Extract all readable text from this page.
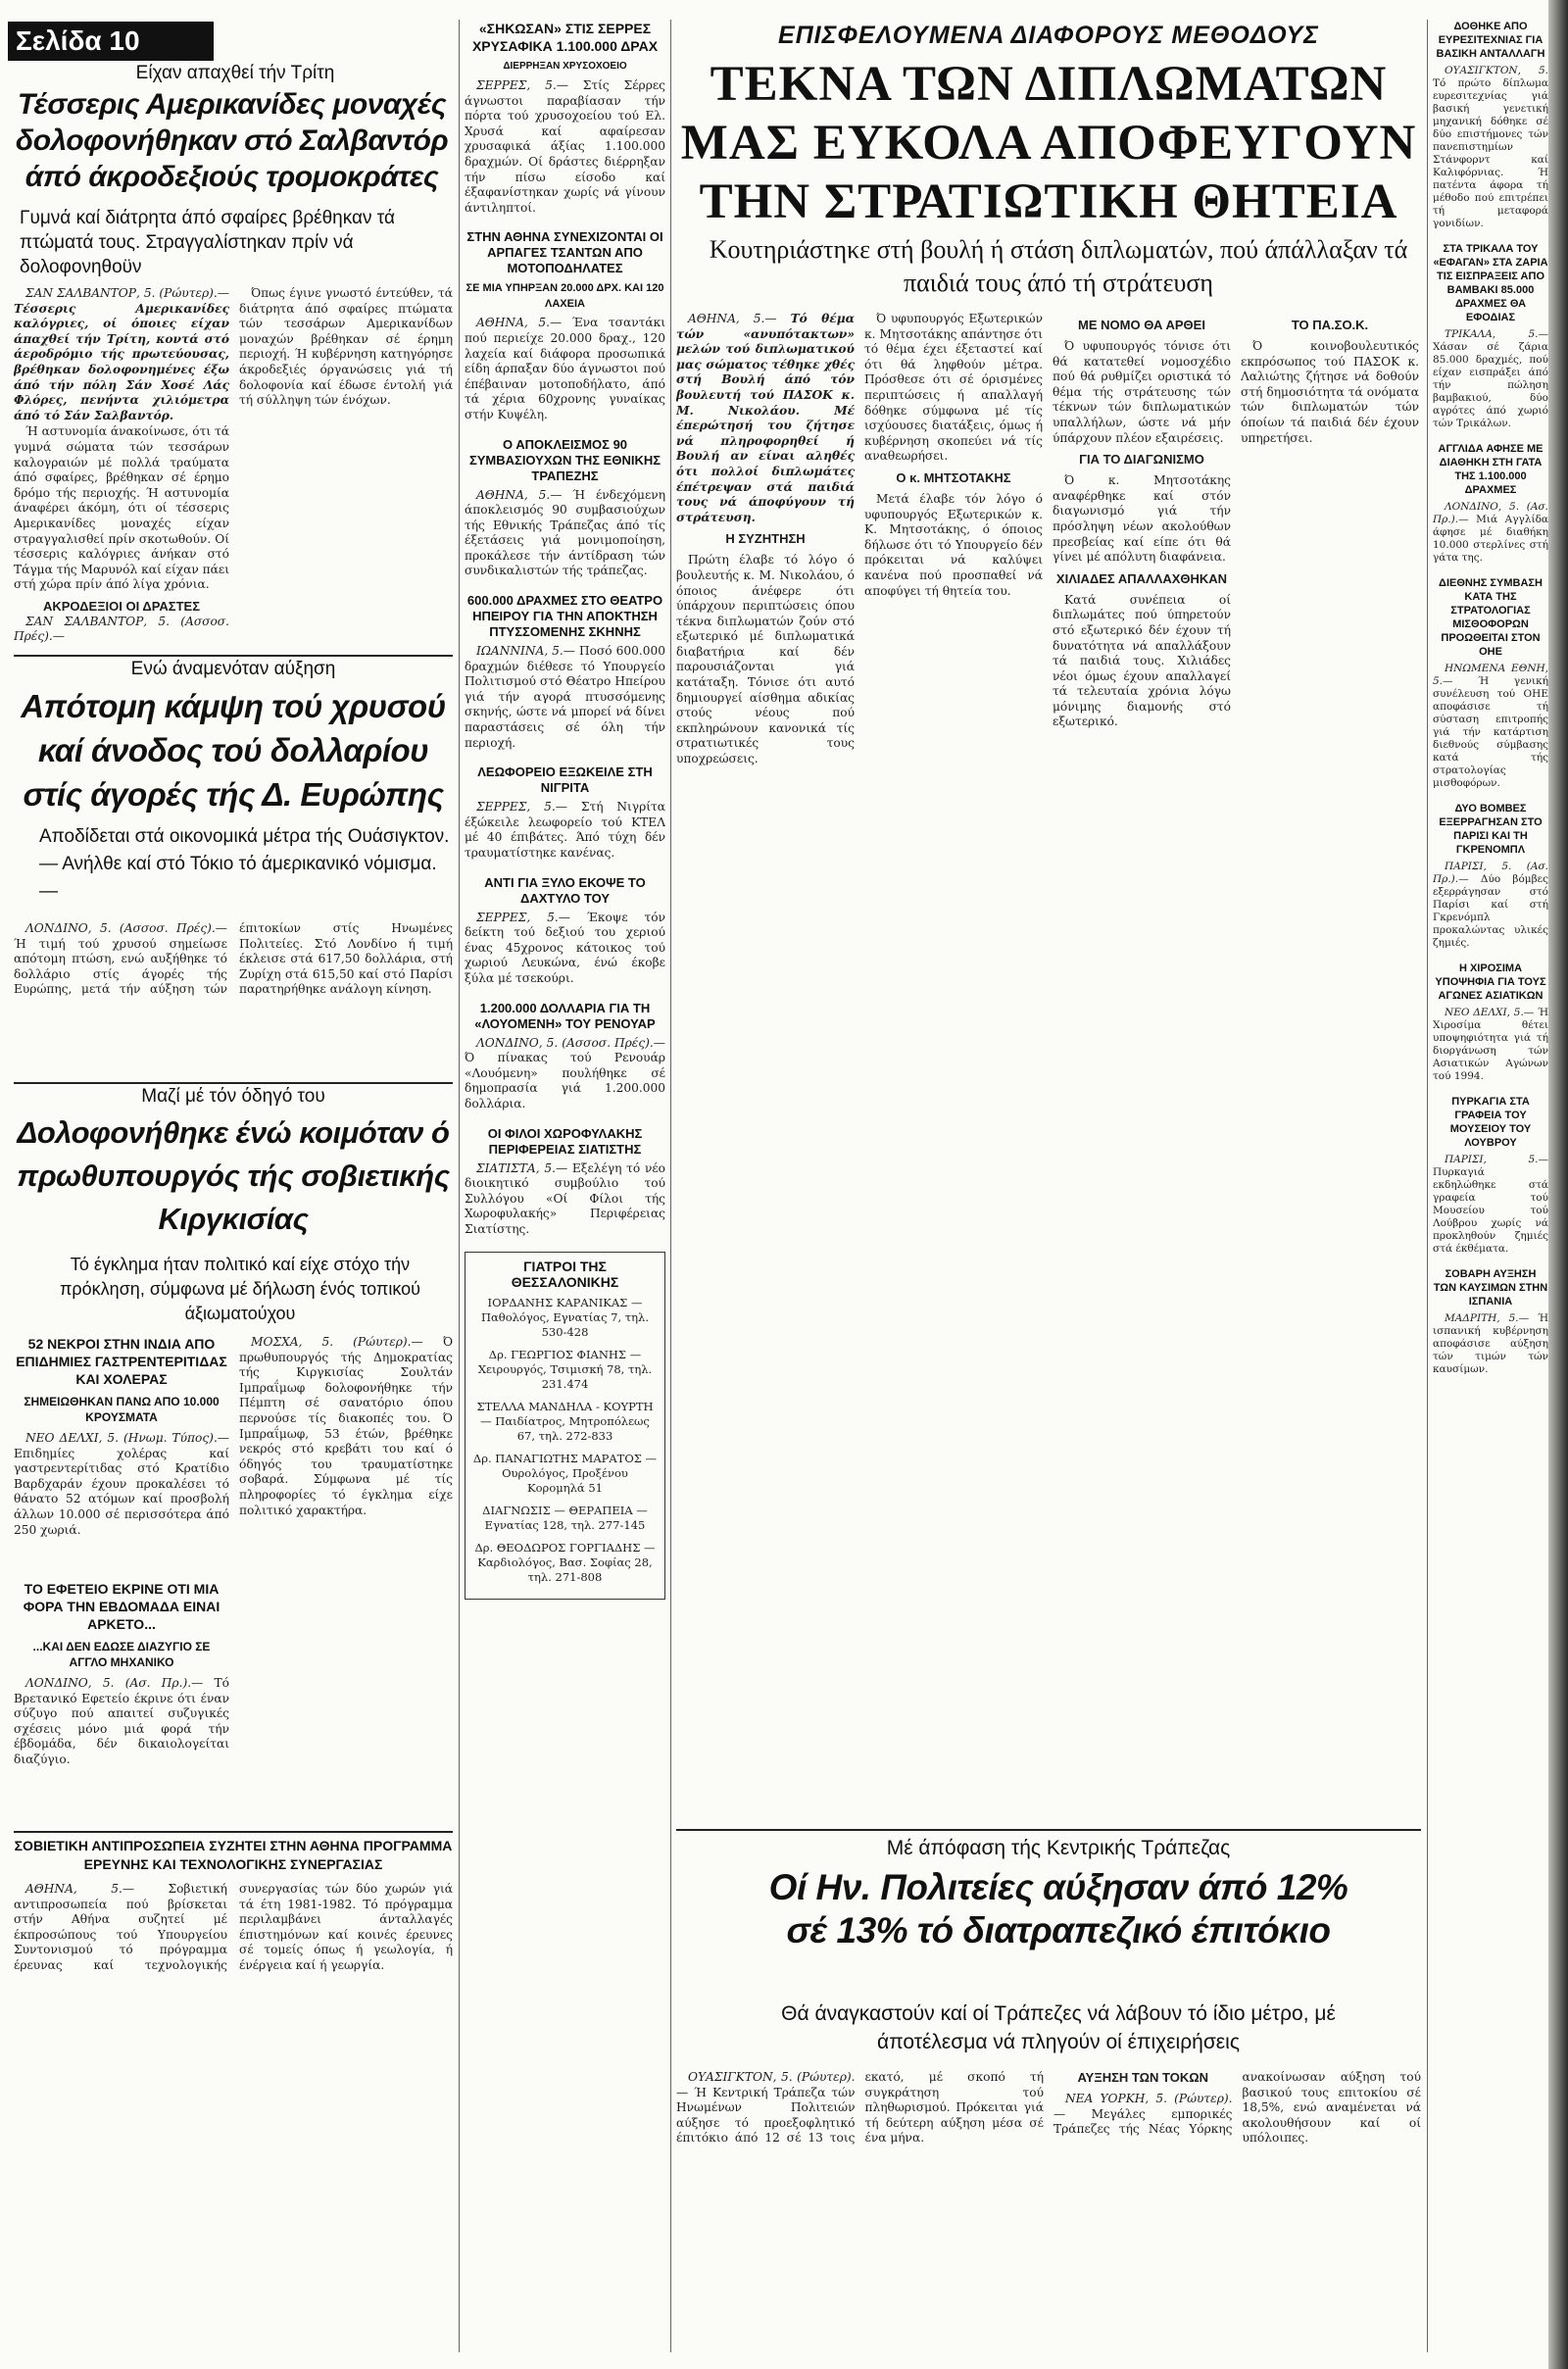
Σελίδα 10
Είχαν απαχθεί τήν Τρίτη
Τέσσερις Αμερικανίδες μοναχές δολοφονήθηκαν στό Σαλβαντόρ άπό άκροδεξιούς τρομοκράτες
Γυμνά καί διάτρητα άπό σφαίρες βρέθηκαν τά πτώματά τους. Στραγγαλίστηκαν πρίν νά δολοφονηθοϋν

ΣΑΝ ΣΑΛΒΑΝΤΟΡ, 5. (Ρώυτερ).— Τέσσερις Αμερικανίδες καλόγριες, οί όποιες είχαν άπαχθεί τήν Τρίτη, κοντά στό άεροδρόμιο τής πρωτεύουσας, βρέθηκαν δολοφονημένες έξω άπό τήν πόλη Σάν Χοσέ Λάς Φλόρες, πενήντα χιλιόμετρα άπό τό Σάν Σαλβαντόρ.

Ή αστυνομία άνακοίνωσε, ότι τά γυμνά σώματα τών τεσσάρων καλογραιών μέ πολλά τραύματα άπό σφαίρες, βρέθηκαν σέ έρημο δρόμο τής περιοχής. Ή αστυνομία άναφέρει άκόμη, ότι οί τέσσερις Αμερικανίδες μοναχές είχαν στραγγαλισθεί πρίν σκοτωθούν. Οί τέσσερις καλόγριες άνήκαν στό Τάγμα τής Μαρυνόλ καί είχαν πάει στή χώρα πρίν άπό λίγα χρόνια.

ΑΚΡΟΔΕΞΙΟΙ ΟΙ ΔΡΑΣΤΕΣ

ΣΑΝ ΣΑΛΒΑΝΤΟΡ, 5. (Ασσοσ. Πρές).—

Όπως έγινε γνωστό έντεύθεν, τά διάτρητα άπό σφαίρες πτώματα τών τεσσάρων Αμερικανίδων μοναχών βρέθηκαν σέ έρημη περιοχή. Ή κυβέρνηση κατηγόρησε άκροδεξιές όργανώσεις γιά τή δολοφονία καί έδωσε έντολή γιά τή σύλληψη τών ένόχων.

Ενώ άναμενόταν αύξηση
Απότομη κάμψη τού χρυσού καί άνοδος τού δολλαρίου στίς άγορές τής Δ. Ευρώπης
Αποδίδεται στά οικονομικά μέτρα τής Ουάσιγκτον.— Ανήλθε καί στό Τόκιο τό άμερικανικό νόμισμα.—

ΛΟΝΔΙΝΟ, 5. (Ασσοσ. Πρές).— Ή τιμή τού χρυσού σημείωσε απότομη πτώση, ενώ αυξήθηκε τό δολλάριο στίς άγορές τής Ευρώπης, μετά τήν αύξηση τών έπιτοκίων στίς Ηνωμένες Πολιτείες. Στό Λονδίνο ή τιμή έκλεισε στά 617,50 δολλάρια, στή Ζυρίχη στά 615,50 καί στό Παρίσι παρατηρήθηκε ανάλογη κίνηση.

Μαζί μέ τόν όδηγό του
Δολοφονήθηκε ένώ κοιμόταν ό πρωθυπουργός τής σοβιετικής Κιργκισίας
Τό έγκλημα ήταν πολιτικό καί είχε στόχο τήν πρόκληση, σύμφωνα μέ δήλωση ένός τοπικού άξιωματούχου
52 ΝΕΚΡΟΙ ΣΤΗΝ ΙΝΔΙΑ ΑΠΟ ΕΠΙΔΗΜΙΕΣ ΓΑΣΤΡΕΝΤΕΡΙΤΙΔΑΣ ΚΑΙ ΧΟΛΕΡΑΣ
ΣΗΜΕΙΩΘΗΚΑΝ ΠΑΝΩ ΑΠΟ 10.000 ΚΡΟΥΣΜΑΤΑ

ΝΕΟ ΔΕΛΧΙ, 5. (Ηνωμ. Τύπος).— Επιδημίες χολέρας καί γαστρεντερίτιδας στό Κρατίδιο Βαρδχαράν έχουν προκαλέσει τό θάνατο 52 ατόμων καί προσβολή άλλων 10.000 σέ περισσότερα άπό 250 χωριά.

ΜΟΣΧΑ, 5. (Ρώυτερ).— Ό πρωθυπουργός τής Δημοκρατίας τής Κιργκισίας Σουλτάν Ιμπραΐμωφ δολοφονήθηκε τήν Πέμπτη σέ σανατόριο όπου περνούσε τίς διακοπές του. Ό Ιμπραΐμωφ, 53 έτών, βρέθηκε νεκρός στό κρεβάτι του καί ό όδηγός του τραυματίστηκε σοβαρά. Σύμφωνα μέ τίς πληροφορίες τό έγκλημα είχε πολιτικό χαρακτήρα.

ΤΟ ΕΦΕΤΕΙΟ ΕΚΡΙΝΕ ΟΤΙ ΜΙΑ ΦΟΡΑ ΤΗΝ ΕΒΔΟΜΑΔΑ ΕΙΝΑΙ ΑΡΚΕΤΟ...
...ΚΑΙ ΔΕΝ ΕΔΩΣΕ ΔΙΑΖΥΓΙΟ ΣΕ ΑΓΓΛΟ ΜΗΧΑΝΙΚΟ

ΛΟΝΔΙΝΟ, 5. (Ασ. Πρ.).— Τό Βρετανικό Εφετείο έκρινε ότι έναν σύζυγο πού απαιτεί συζυγικές σχέσεις μόνο μιά φορά τήν έβδομάδα, δέν δικαιολογείται διαζύγιο.

ΣΟΒΙΕΤΙΚΗ ΑΝΤΙΠΡΟΣΩΠΕΙΑ ΣΥΖΗΤΕΙ ΣΤΗΝ ΑΘΗΝΑ ΠΡΟΓΡΑΜΜΑ ΕΡΕΥΝΗΣ ΚΑΙ ΤΕΧΝΟΛΟΓΙΚΗΣ ΣΥΝΕΡΓΑΣΙΑΣ

ΑΘΗΝΑ, 5.—	Σοβιετική αντιπροσωπεία πού βρίσκεται στήν Αθήνα συζητεί μέ έκπροσώπους τού Υπουργείου Συντονισμού τό πρόγραμμα έρευνας καί τεχνολογικής συνεργασίας τών δύο χωρών γιά τά έτη 1981-1982. Τό πρόγραμμα περιλαμβάνει άνταλλαγές έπιστημόνων καί κοινές έρευνες σέ τομείς όπως ή γεωλογία, ή ένέργεια καί ή γεωργία.

«ΣΗΚΩΣΑΝ» ΣΤΙΣ ΣΕΡΡΕΣ ΧΡΥΣΑΦΙΚΑ 1.100.000 ΔΡΑΧ
ΔΙΕΡΡΗΞΑΝ ΧΡΥΣΟΧΟΕΙΟ

ΣΕΡΡΕΣ, 5.— Στίς Σέρρες άγνωστοι παραβίασαν τήν πόρτα τού χρυσοχοείου τού Ελ. Χρυσά καί αφαίρεσαν χρυσαφικά άξίας 1.100.000 δραχμών. Οί δράστες διέρρηξαν τήν πίσω είσοδο καί έξαφανίστηκαν χωρίς νά γίνουν άντιληπτοί.

ΣΤΗΝ ΑΘΗΝΑ ΣΥΝΕΧΙΖΟΝΤΑΙ ΟΙ ΑΡΠΑΓΕΣ ΤΣΑΝΤΩΝ ΑΠΟ ΜΟΤΟΠΟΔΗΛΑΤΕΣ
ΣΕ ΜΙΑ ΥΠΗΡΞΑΝ 20.000 ΔΡΧ. ΚΑΙ 120 ΛΑΧΕΙΑ

ΑΘΗΝΑ, 5.— Ένα τσαντάκι πού περιείχε 20.000 δραχ., 120 λαχεία καί διάφορα προσωπικά είδη άρπαξαν δύο άγνωστοι πού έπέβαιναν μοτοποδήλατο, άπό τά χέρια 60χρονης γυναίκας στήν Κυψέλη.

Ο ΑΠΟΚΛΕΙΣΜΟΣ 90 ΣΥΜΒΑΣΙΟΥΧΩΝ ΤΗΣ ΕΘΝΙΚΗΣ ΤΡΑΠΕΖΗΣ

ΑΘΗΝΑ, 5.— Ή ένδεχόμενη άποκλεισμός 90 συμβασιούχων τής Εθνικής Τράπεζας άπό τίς έξετάσεις γιά μονιμοποίηση, προκάλεσε τήν άντίδραση τών συνδικαλιστών τής τράπεζας.

600.000 ΔΡΑΧΜΕΣ ΣΤΟ ΘΕΑΤΡΟ ΗΠΕΙΡΟΥ ΓΙΑ ΤΗΝ ΑΠΟΚΤΗΣΗ ΠΤΥΣΣΟΜΕΝΗΣ ΣΚΗΝΗΣ

ΙΩΑΝΝΙΝΑ, 5.— Ποσό 600.000 δραχμών διέθεσε τό Υπουργείο Πολιτισμού στό Θέατρο Ηπείρου γιά τήν αγορά πτυσσόμενης σκηνής, ώστε νά μπορεί νά δίνει παραστάσεις σέ όλη τήν περιοχή.

ΛΕΩΦΟΡΕΙΟ ΕΞΩΚΕΙΛΕ ΣΤΗ ΝΙΓΡΙΤΑ

ΣΕΡΡΕΣ, 5.— Στή Νιγρίτα έξώκειλε λεωφορείο τού ΚΤΕΛ μέ 40 έπιβάτες. Άπό τύχη δέν τραυματίστηκε κανένας.

ΑΝΤΙ ΓΙΑ ΞΥΛΟ ΕΚΟΨΕ ΤΟ ΔΑΧΤΥΛΟ ΤΟΥ

ΣΕΡΡΕΣ, 5.— Έκοψε τόν δείκτη τού δεξιού του χεριού ένας 45χρονος κάτοικος τού χωριού Λευκώνα, ένώ έκοβε ξύλα μέ τσεκούρι.

1.200.000 ΔΟΛΛΑΡΙΑ ΓΙΑ ΤΗ «ΛΟΥΟΜΕΝΗ» ΤΟΥ ΡΕΝΟΥΑΡ

ΛΟΝΔΙΝΟ, 5. (Ασσοσ. Πρές).— Ό πίνακας τού Ρενουάρ «Λουόμενη» πουλήθηκε σέ δημοπρασία γιά 1.200.000 δολλάρια.

ΟΙ ΦΙΛΟΙ ΧΩΡΟΦΥΛΑΚΗΣ ΠΕΡΙΦΕΡΕΙΑΣ ΣΙΑΤΙΣΤΗΣ

ΣΙΑΤΙΣΤΑ, 5.— Εξελέγη τό νέο διοικητικό συμβούλιο τού Συλλόγου «Οί Φίλοι τής Χωροφυλακής» Περιφέρειας Σιατίστης.

ΓΙΑΤΡΟΙ ΤΗΣ ΘΕΣΣΑΛΟΝΙΚΗΣ
ΙΟΡΔΑΝΗΣ ΚΑΡΑΝΙΚΑΣ — Παθολόγος, Εγνατίας 7, τηλ. 530-428
Δρ. ΓΕΩΡΓΙΟΣ ΦΙΑΝΗΣ — Χειρουργός, Τσιμισκή 78, τηλ. 231.474
ΣΤΕΛΛΑ ΜΑΝΔΗΛΑ - ΚΟΥΡΤΗ — Παιδίατρος, Μητροπόλεως 67, τηλ. 272-833
Δρ. ΠΑΝΑΓΙΩΤΗΣ ΜΑΡΑΤΟΣ — Ουρολόγος, Προξένου Κορομηλά 51
ΔΙΑΓΝΩΣΙΣ — ΘΕΡΑΠΕΙΑ — Εγνατίας 128, τηλ. 277-145
Δρ. ΘΕΟΔΩΡΟΣ ΓΟΡΓΙΑΔΗΣ — Καρδιολόγος, Βασ. Σοφίας 28, τηλ. 271-808
ΕΠΙΣΦΕΛΟΥΜΕΝΑ ΔΙΑΦΟΡΟΥΣ ΜΕΘΟΔΟΥΣ
ΤΕΚΝΑ ΤΩΝ ΔΙΠΛΩΜΑΤΩΝ ΜΑΣ ΕΥΚΟΛΑ ΑΠΟΦΕΥΓΟΥΝ ΤΗΝ ΣΤΡΑΤΙΩΤΙΚΗ ΘΗΤΕΙΑ
Κουτηριάστηκε στή βουλή ή στάση διπλωματών, πού άπάλλαξαν τά παιδιά τους άπό τή στράτευση

ΑΘΗΝΑ, 5.— Τό θέμα τών «ανυπότακτων» μελών τού διπλωματικού μας σώματος τέθηκε χθές στή Βουλή άπό τόν βουλευτή τού ΠΑΣΟΚ κ. Μ. Νικολάου. Μέ έπερώτησή του ζήτησε νά πληροφορηθεί ή Βουλή αν είναι αληθές ότι πολλοί διπλωμάτες έπέτρεψαν στά παιδιά τους νά άποφύγουν τή στράτευση.

Η ΣΥΖΗΤΗΣΗ

Πρώτη έλαβε τό λόγο ό βουλευτής κ. Μ. Νικολάου, ό όποιος άνέφερε ότι ύπάρχουν περιπτώσεις όπου τέκνα διπλωματών ζούν στό εξωτερικό μέ διπλωματικά διαβατήρια καί δέν παρουσιάζονται γιά κατάταξη. Τόνισε ότι αυτό δημιουργεί αίσθημα αδικίας στούς νέους πού εκπληρώνουν κανονικά τίς στρατιωτικές τους υποχρεώσεις.

Ό υφυπουργός Εξωτερικών κ. Μητσοτάκης απάντησε ότι τό θέμα έχει έξεταστεί καί ότι θά ληφθούν μέτρα. Πρόσθεσε ότι σέ όρισμένες περιπτώσεις ή απαλλαγή δόθηκε σύμφωνα μέ τίς ισχύουσες διατάξεις, όμως ή κυβέρνηση σκοπεύει νά τίς αναθεωρήσει.

Ο κ. ΜΗΤΣΟΤΑΚΗΣ

Μετά έλαβε τόν λόγο ό υφυπουργός Εξωτερικών κ. Κ. Μητσοτάκης, ό όποιος δήλωσε ότι τό Υπουργείο δέν πρόκειται νά καλύψει κανένα πού προσπαθεί νά αποφύγει τή θητεία του.

ΜΕ ΝΟΜΟ ΘΑ ΑΡΘΕΙ

Ό υφυπουργός τόνισε ότι θά κατατεθεί νομοσχέδιο πού θά ρυθμίζει οριστικά τό θέμα τής στράτευσης τών τέκνων τών διπλωματικών υπαλλήλων, ώστε νά μήν ύπάρχουν πλέον εξαιρέσεις.

ΓΙΑ ΤΟ ΔΙΑΓΩΝΙΣΜΟ

Ό κ. Μητσοτάκης αναφέρθηκε καί στόν διαγωνισμό γιά τήν πρόσληψη νέων ακολούθων πρεσβείας καί είπε ότι θά γίνει μέ απόλυτη διαφάνεια.

ΧΙΛΙΑΔΕΣ ΑΠΑΛΛΑΧΘΗΚΑΝ

Κατά συνέπεια οί διπλωμάτες πού ύπηρετούν στό εξωτερικό δέν έχουν τή δυνατότητα νά απαλλάξουν τά παιδιά τους. Χιλιάδες νέοι όμως έχουν απαλλαγεί τά τελευταία χρόνια λόγω μόνιμης διαμονής στό εξωτερικό.

ΤΟ ΠΑ.ΣΟ.Κ.

Ό κοινοβουλευτικός εκπρόσωπος τού ΠΑΣΟΚ κ. Λαλιώτης ζήτησε νά δοθούν στή δημοσιότητα τά ονόματα τών διπλωματών τών όποίων τά παιδιά δέν έχουν υπηρετήσει.

Μέ άπόφαση τής Κεντρικής Τράπεζας
Οί Ην. Πολιτείες αύξησαν άπό 12% σέ 13% τό διατραπεζικό έπιτόκιο
Θά άναγκαστούν καί οί Τράπεζες νά λάβουν τό ίδιο μέτρο, μέ άποτέλεσμα νά πληγούν οί έπιχειρήσεις

ΟΥΑΣΙΓΚΤΟΝ, 5. (Ρώυτερ).— Ή Κεντρική Τράπεζα τών Ηνωμένων Πολιτειών αύξησε τό προεξοφλητικό έπιτόκιο άπό 12 σέ 13 τοις εκατό, μέ σκοπό τή συγκράτηση τού πληθωρισμού. Πρόκειται γιά τή δεύτερη αύξηση μέσα σέ ένα μήνα.

ΑΥΞΗΣΗ ΤΩΝ ΤΟΚΩΝ

ΝΕΑ ΥΟΡΚΗ, 5. (Ρώυτερ).— Μεγάλες εμπορικές Τράπεζες τής Νέας Υόρκης ανακοίνωσαν αύξηση τού βασικού τους επιτοκίου σέ 18,5%, ενώ αναμένεται νά ακολουθήσουν καί οί υπόλοιπες.

ΔΟΘΗΚΕ ΑΠΟ ΕΥΡΕΣΙΤΕΧΝΙΑΣ ΓΙΑ ΒΑΣΙΚΗ ΑΝΤΑΛΛΑΓΗ

ΟΥΑΣΙΓΚΤΟΝ, 5. Τό πρώτο δίπλωμα ευρεσιτεχνίας γιά βασική γενετική μηχανική δόθηκε σέ δύο επιστήμονες τών πανεπιστημίων Στάνφορντ καί Καλιφόρνιας. Ή πατέντα άφορα τή μέθοδο πού επιτρέπει τή μεταφορά γονιδίων.

ΣΤΑ ΤΡΙΚΑΛΑ ΤΟΥ «ΕΦΑΓΑΝ» ΣΤΑ ΖΑΡΙΑ ΤΙΣ ΕΙΣΠΡΑΞΕΙΣ ΑΠΟ ΒΑΜΒΑΚΙ 85.000 ΔΡΑΧΜΕΣ ΘΑ ΕΦΟΔΙΑΣ

ΤΡΙΚΑΛΑ, 5.— Χάσαν σέ ζάρια 85.000 δραχμές, πού είχαν εισπράξει άπό τήν πώληση βαμβακιού, δύο αγρότες άπό χωριό τών Τρικάλων.

ΑΓΓΛΙΔΑ ΑΦΗΣΕ ΜΕ ΔΙΑΘΗΚΗ ΣΤΗ ΓΑΤΑ ΤΗΣ 1.100.000 ΔΡΑΧΜΕΣ

ΛΟΝΔΙΝΟ, 5. (Ασ. Πρ.).— Μιά Αγγλίδα άφησε μέ διαθήκη 10.000 στερλίνες στή γάτα της.

ΔΙΕΘΝΗΣ ΣΥΜΒΑΣΗ ΚΑΤΑ ΤΗΣ ΣΤΡΑΤΟΛΟΓΙΑΣ ΜΙΣΘΟΦΟΡΩΝ ΠΡΟΩΘΕΙΤΑΙ ΣΤΟΝ ΟΗΕ

ΗΝΩΜΕΝΑ ΕΘΝΗ, 5.— Ή γενική συνέλευση τού ΟΗΕ αποφάσισε τή σύσταση επιτροπής γιά τήν κατάρτιση διεθνούς σύμβασης κατά τής στρατολογίας μισθοφόρων.

ΔΥΟ ΒΟΜΒΕΣ ΕΞΕΡΡΑΓΗΣΑΝ ΣΤΟ ΠΑΡΙΣΙ ΚΑΙ ΤΗ ΓΚΡΕΝΟΜΠΛ

ΠΑΡΙΣΙ, 5. (Ασ. Πρ.).— Δύο βόμβες εξερράγησαν στό Παρίσι καί στή Γκρενόμπλ προκαλώντας υλικές ζημιές.

Η ΧΙΡΟΣΙΜΑ ΥΠΟΨΗΦΙΑ ΓΙΑ ΤΟΥΣ ΑΓΩΝΕΣ ΑΣΙΑΤΙΚΩΝ

ΝΕΟ ΔΕΛΧΙ, 5.— Ή Χιροσίμα θέτει υποψηφιότητα γιά τή διοργάνωση τών Ασιατικών Αγώνων τού 1994.

ΠΥΡΚΑΓΙΑ ΣΤΑ ΓΡΑΦΕΙΑ ΤΟΥ ΜΟΥΣΕΙΟΥ ΤΟΥ ΛΟΥΒΡΟΥ

ΠΑΡΙΣΙ, 5.— Πυρκαγιά εκδηλώθηκε στά γραφεία τού Μουσείου τού Λούβρου χωρίς νά προκληθούν ζημιές στά έκθέματα.

ΣΟΒΑΡΗ ΑΥΞΗΣΗ ΤΩΝ ΚΑΥΣΙΜΩΝ ΣΤΗΝ ΙΣΠΑΝΙΑ

ΜΑΔΡΙΤΗ, 5.— Ή ισπανική κυβέρνηση αποφάσισε αύξηση τών τιμών τών καυσίμων.
